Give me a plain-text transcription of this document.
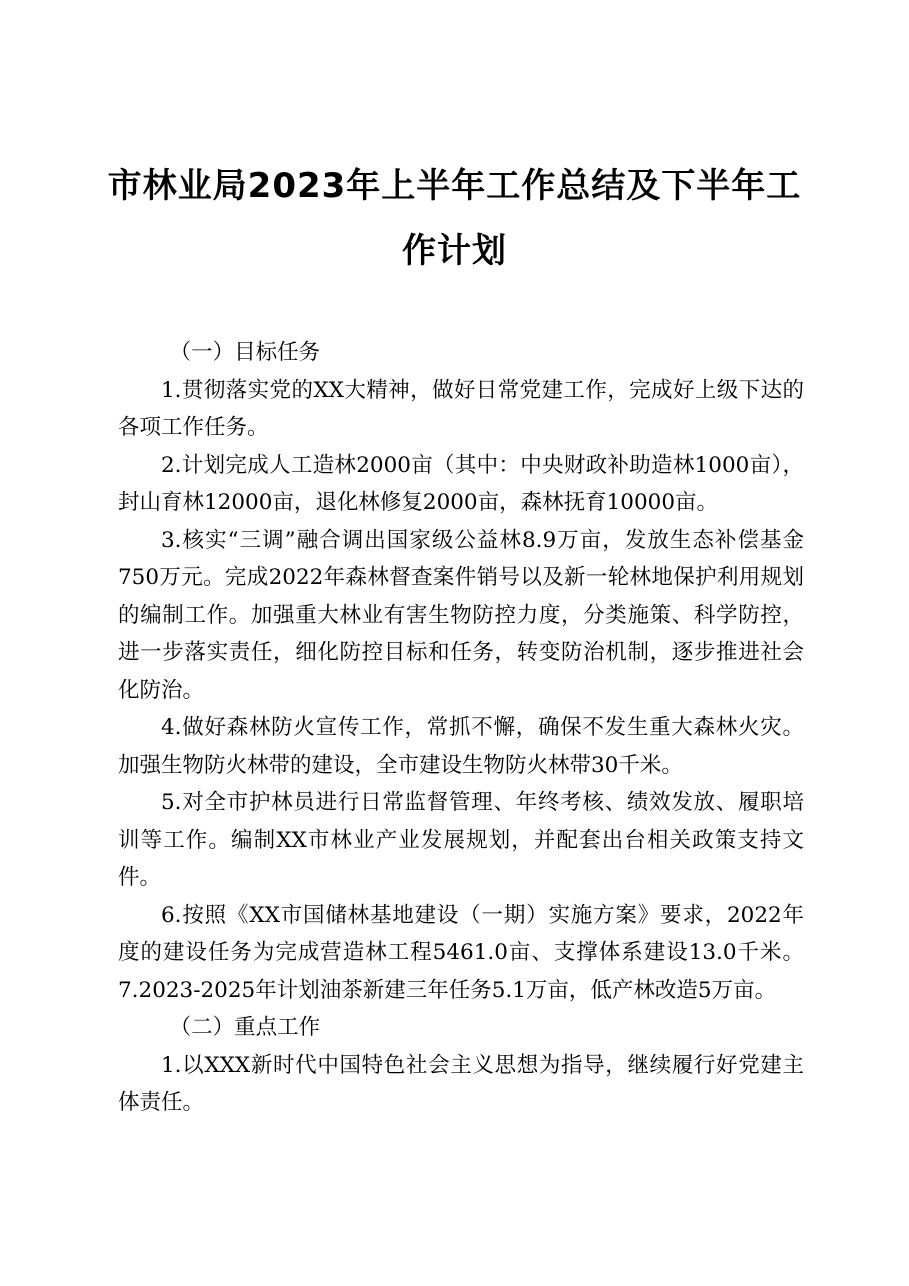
市林业局2023年上半年工作总结及下半年工
作计划

（一）目标任务

1.贯彻落实党的XX大精神，做好日常党建工作，完成好上级下达的各项工作任务。

2.计划完成人工造林2000亩（其中：中央财政补助造林1000亩），封山育林12000亩，退化林修复2000亩，森林抚育10000亩。

3.核实“三调”融合调出国家级公益林8.9万亩，发放生态补偿基金750万元。完成2022年森林督查案件销号以及新一轮林地保护利用规划的编制工作。加强重大林业有害生物防控力度，分类施策、科学防控，进一步落实责任，细化防控目标和任务，转变防治机制，逐步推进社会化防治。

4.做好森林防火宣传工作，常抓不懈，确保不发生重大森林火灾。加强生物防火林带的建设，全市建设生物防火林带30千米。

5.对全市护林员进行日常监督管理、年终考核、绩效发放、履职培训等工作。编制XX市林业产业发展规划，并配套出台相关政策支持文件。

6.按照《XX市国储林基地建设（一期）实施方案》要求，2022年度的建设任务为完成营造林工程5461.0亩、支撑体系建设13.0千米。7.2023-2025年计划油茶新建三年任务5.1万亩，低产林改造5万亩。

（二）重点工作

1.以XXX新时代中国特色社会主义思想为指导，继续履行好党建主体责任。
